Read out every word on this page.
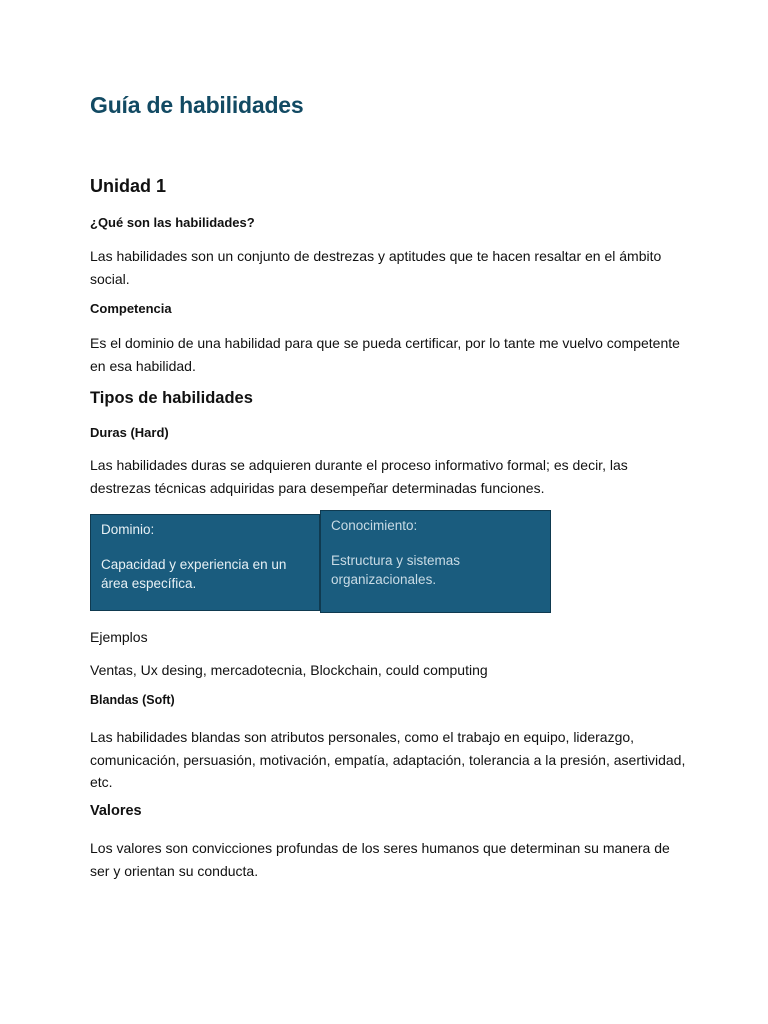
Guía de habilidades
Unidad 1
¿Qué son las habilidades?

Las habilidades son un conjunto de destrezas y aptitudes que te hacen resaltar en el ámbito social.

Competencia

Es el dominio de una habilidad para que se pueda certificar, por lo tante me vuelvo competente en esa habilidad.

Tipos de habilidades
Duras (Hard)

Las habilidades duras se adquieren durante el proceso informativo formal; es decir, las destrezas técnicas adquiridas para desempeñar determinadas funciones.

Dominio:

Capacidad y experiencia en un área específica.

Conocimiento:

Estructura y sistemas organizacionales.

Ejemplos

Ventas, Ux desing, mercadotecnia, Blockchain, could computing

Blandas (Soft)

Las habilidades blandas son atributos personales, como el trabajo en equipo, liderazgo, comunicación, persuasión, motivación, empatía, adaptación, tolerancia a la presión, asertividad, etc.

Valores

Los valores son convicciones profundas de los seres humanos que determinan su manera de ser y orientan su conducta.
